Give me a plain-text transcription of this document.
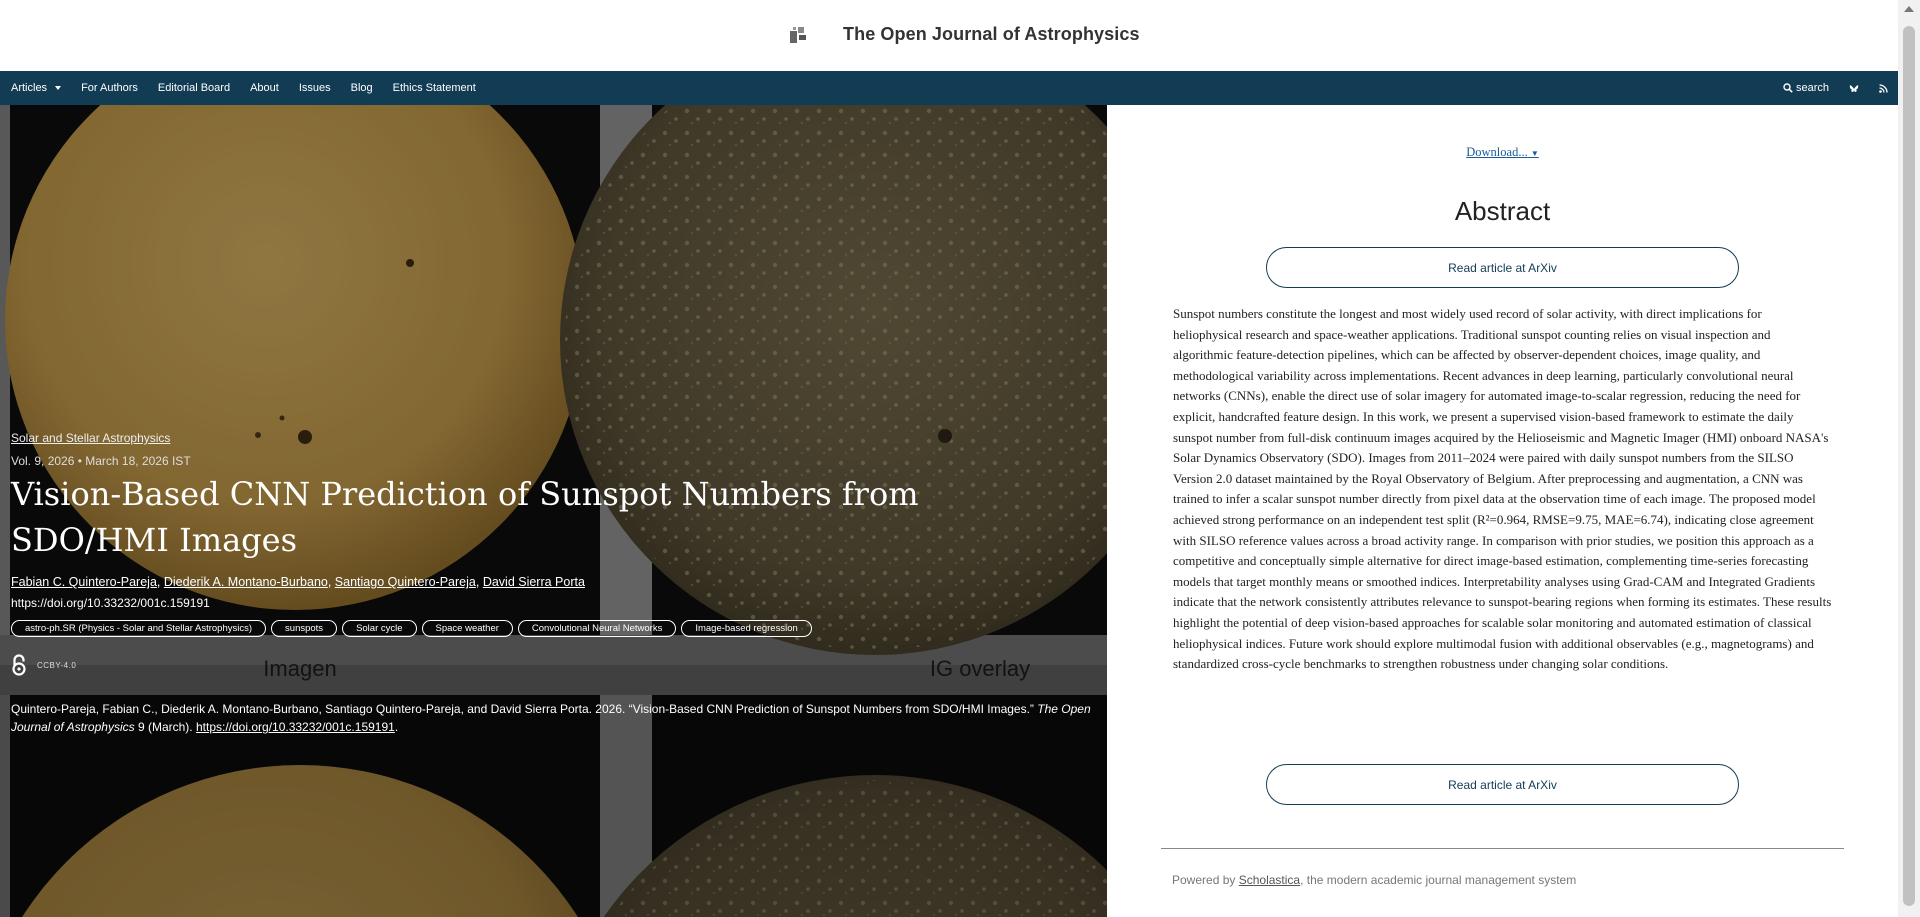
The Open Journal of Astrophysics
Articles	For Authors Editorial Board About Issues Blog Ethics Statement	search
Imagen	IG overlay
Solar and Stellar Astrophysics
Vol. 9, 2026 • March 18, 2026 IST
Vision-Based CNN Prediction of Sunspot Numbers from SDO/HMI Images
Fabian C. Quintero-Pareja, Diederik A. Montano-Burbano, Santiago Quintero-Pareja, David Sierra Porta
https://doi.org/10.33232/001c.159191
astro-ph.SR (Physics - Solar and Stellar Astrophysics)	sunspots	Solar cycle	Space weather	Convolutional Neural Networks	Image-based regression
CCBY-4.0
Quintero-Pareja, Fabian C., Diederik A. Montano-Burbano, Santiago Quintero-Pareja, and David Sierra Porta. 2026. “Vision-Based CNN Prediction of Sunspot Numbers from SDO/HMI Images.” The Open Journal of Astrophysics 9 (March). https://doi.org/10.33232/001c.159191.
Download... ▼
Abstract
Read article at ArXiv
Sunspot numbers constitute the longest and most widely used record of solar activity, with direct implications for heliophysical research and space-weather applications. Traditional sunspot counting relies on visual inspection and algorithmic feature-detection pipelines, which can be affected by observer-dependent choices, image quality, and methodological variability across implementations. Recent advances in deep learning, particularly convolutional neural networks (CNNs), enable the direct use of solar imagery for automated image-to-scalar regression, reducing the need for explicit, handcrafted feature design. In this work, we present a supervised vision-based framework to estimate the daily sunspot number from full-disk continuum images acquired by the Helioseismic and Magnetic Imager (HMI) onboard NASA's Solar Dynamics Observatory (SDO). Images from 2011–2024 were paired with daily sunspot numbers from the SILSO Version 2.0 dataset maintained by the Royal Observatory of Belgium. After preprocessing and augmentation, a CNN was trained to infer a scalar sunspot number directly from pixel data at the observation time of each image. The proposed model achieved strong performance on an independent test split (R²=0.964, RMSE=9.75, MAE=6.74), indicating close agreement with SILSO reference values across a broad activity range. In comparison with prior studies, we position this approach as a competitive and conceptually simple alternative for direct image-based estimation, complementing time-series forecasting models that target monthly means or smoothed indices. Interpretability analyses using Grad-CAM and Integrated Gradients indicate that the network consistently attributes relevance to sunspot-bearing regions when forming its estimates. These results highlight the potential of deep vision-based approaches for scalable solar monitoring and automated estimation of classical heliophysical indices. Future work should explore multimodal fusion with additional observables (e.g., magnetograms) and standardized cross-cycle benchmarks to strengthen robustness under changing solar conditions.
Read article at ArXiv
Powered by Scholastica, the modern academic journal management system
